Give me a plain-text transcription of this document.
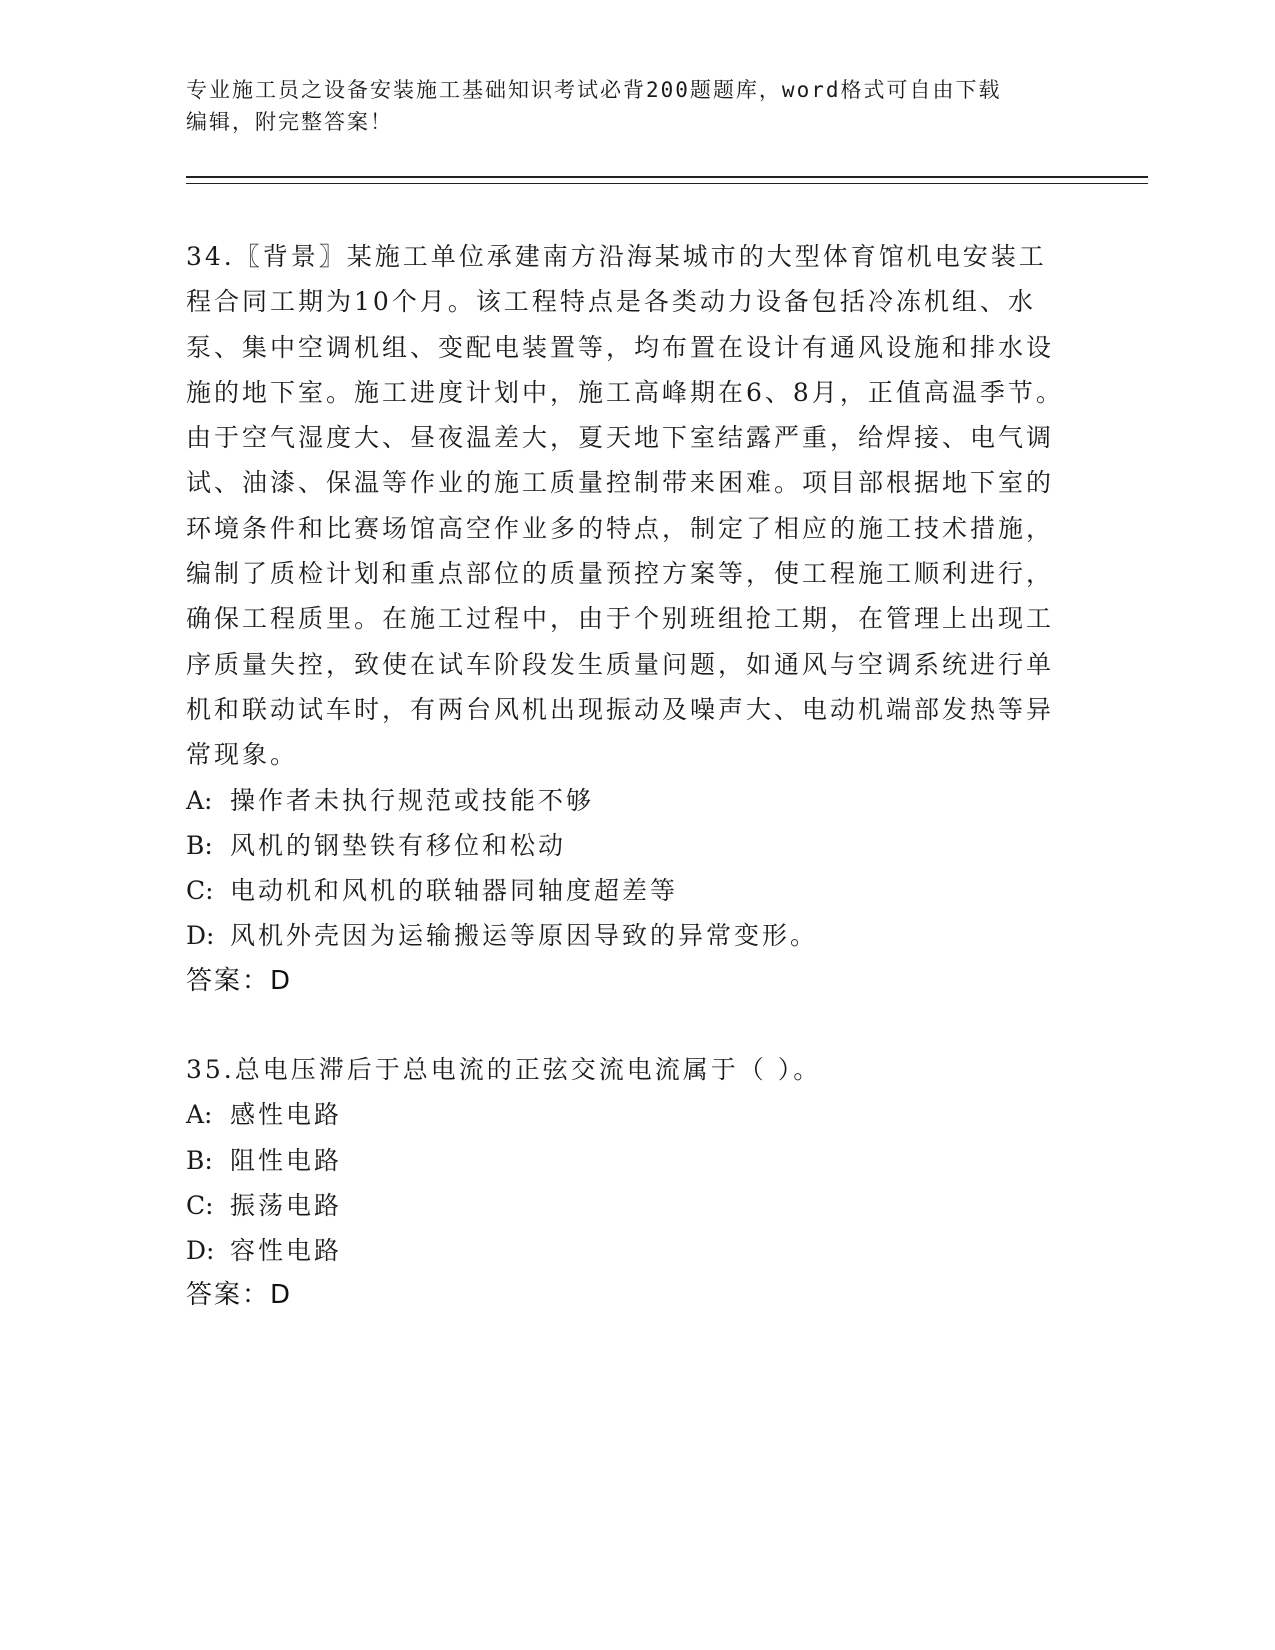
专业施工员之设备安装施工基础知识考试必背200题题库，word格式可自由下载
编辑，附完整答案！

34.〖背景〗某施工单位承建南方沿海某城市的大型体育馆机电安装工程合同工期为10个月。该工程特点是各类动力设备包括冷冻机组、水泵、集中空调机组、变配电装置等，均布置在设计有通风设施和排水设施的地下室。施工进度计划中，施工高峰期在6、8月，正值高温季节。由于空气湿度大、昼夜温差大，夏天地下室结露严重，给焊接、电气调试、油漆、保温等作业的施工质量控制带来困难。项目部根据地下室的环境条件和比赛场馆高空作业多的特点，制定了相应的施工技术措施，编制了质检计划和重点部位的质量预控方案等，使工程施工顺利进行，确保工程质里。在施工过程中，由于个别班组抢工期，在管理上出现工序质量失控，致使在试车阶段发生质量问题，如通风与空调系统进行单机和联动试车时，有两台风机出现振动及噪声大、电动机端部发热等异常现象。

A: 操作者未执行规范或技能不够

B: 风机的钢垫铁有移位和松动

C: 电动机和风机的联轴器同轴度超差等

D: 风机外壳因为运输搬运等原因导致的异常变形。

答案：D

35.总电压滞后于总电流的正弦交流电流属于（ ）。

A: 感性电路

B: 阻性电路

C: 振荡电路

D: 容性电路

答案：D
